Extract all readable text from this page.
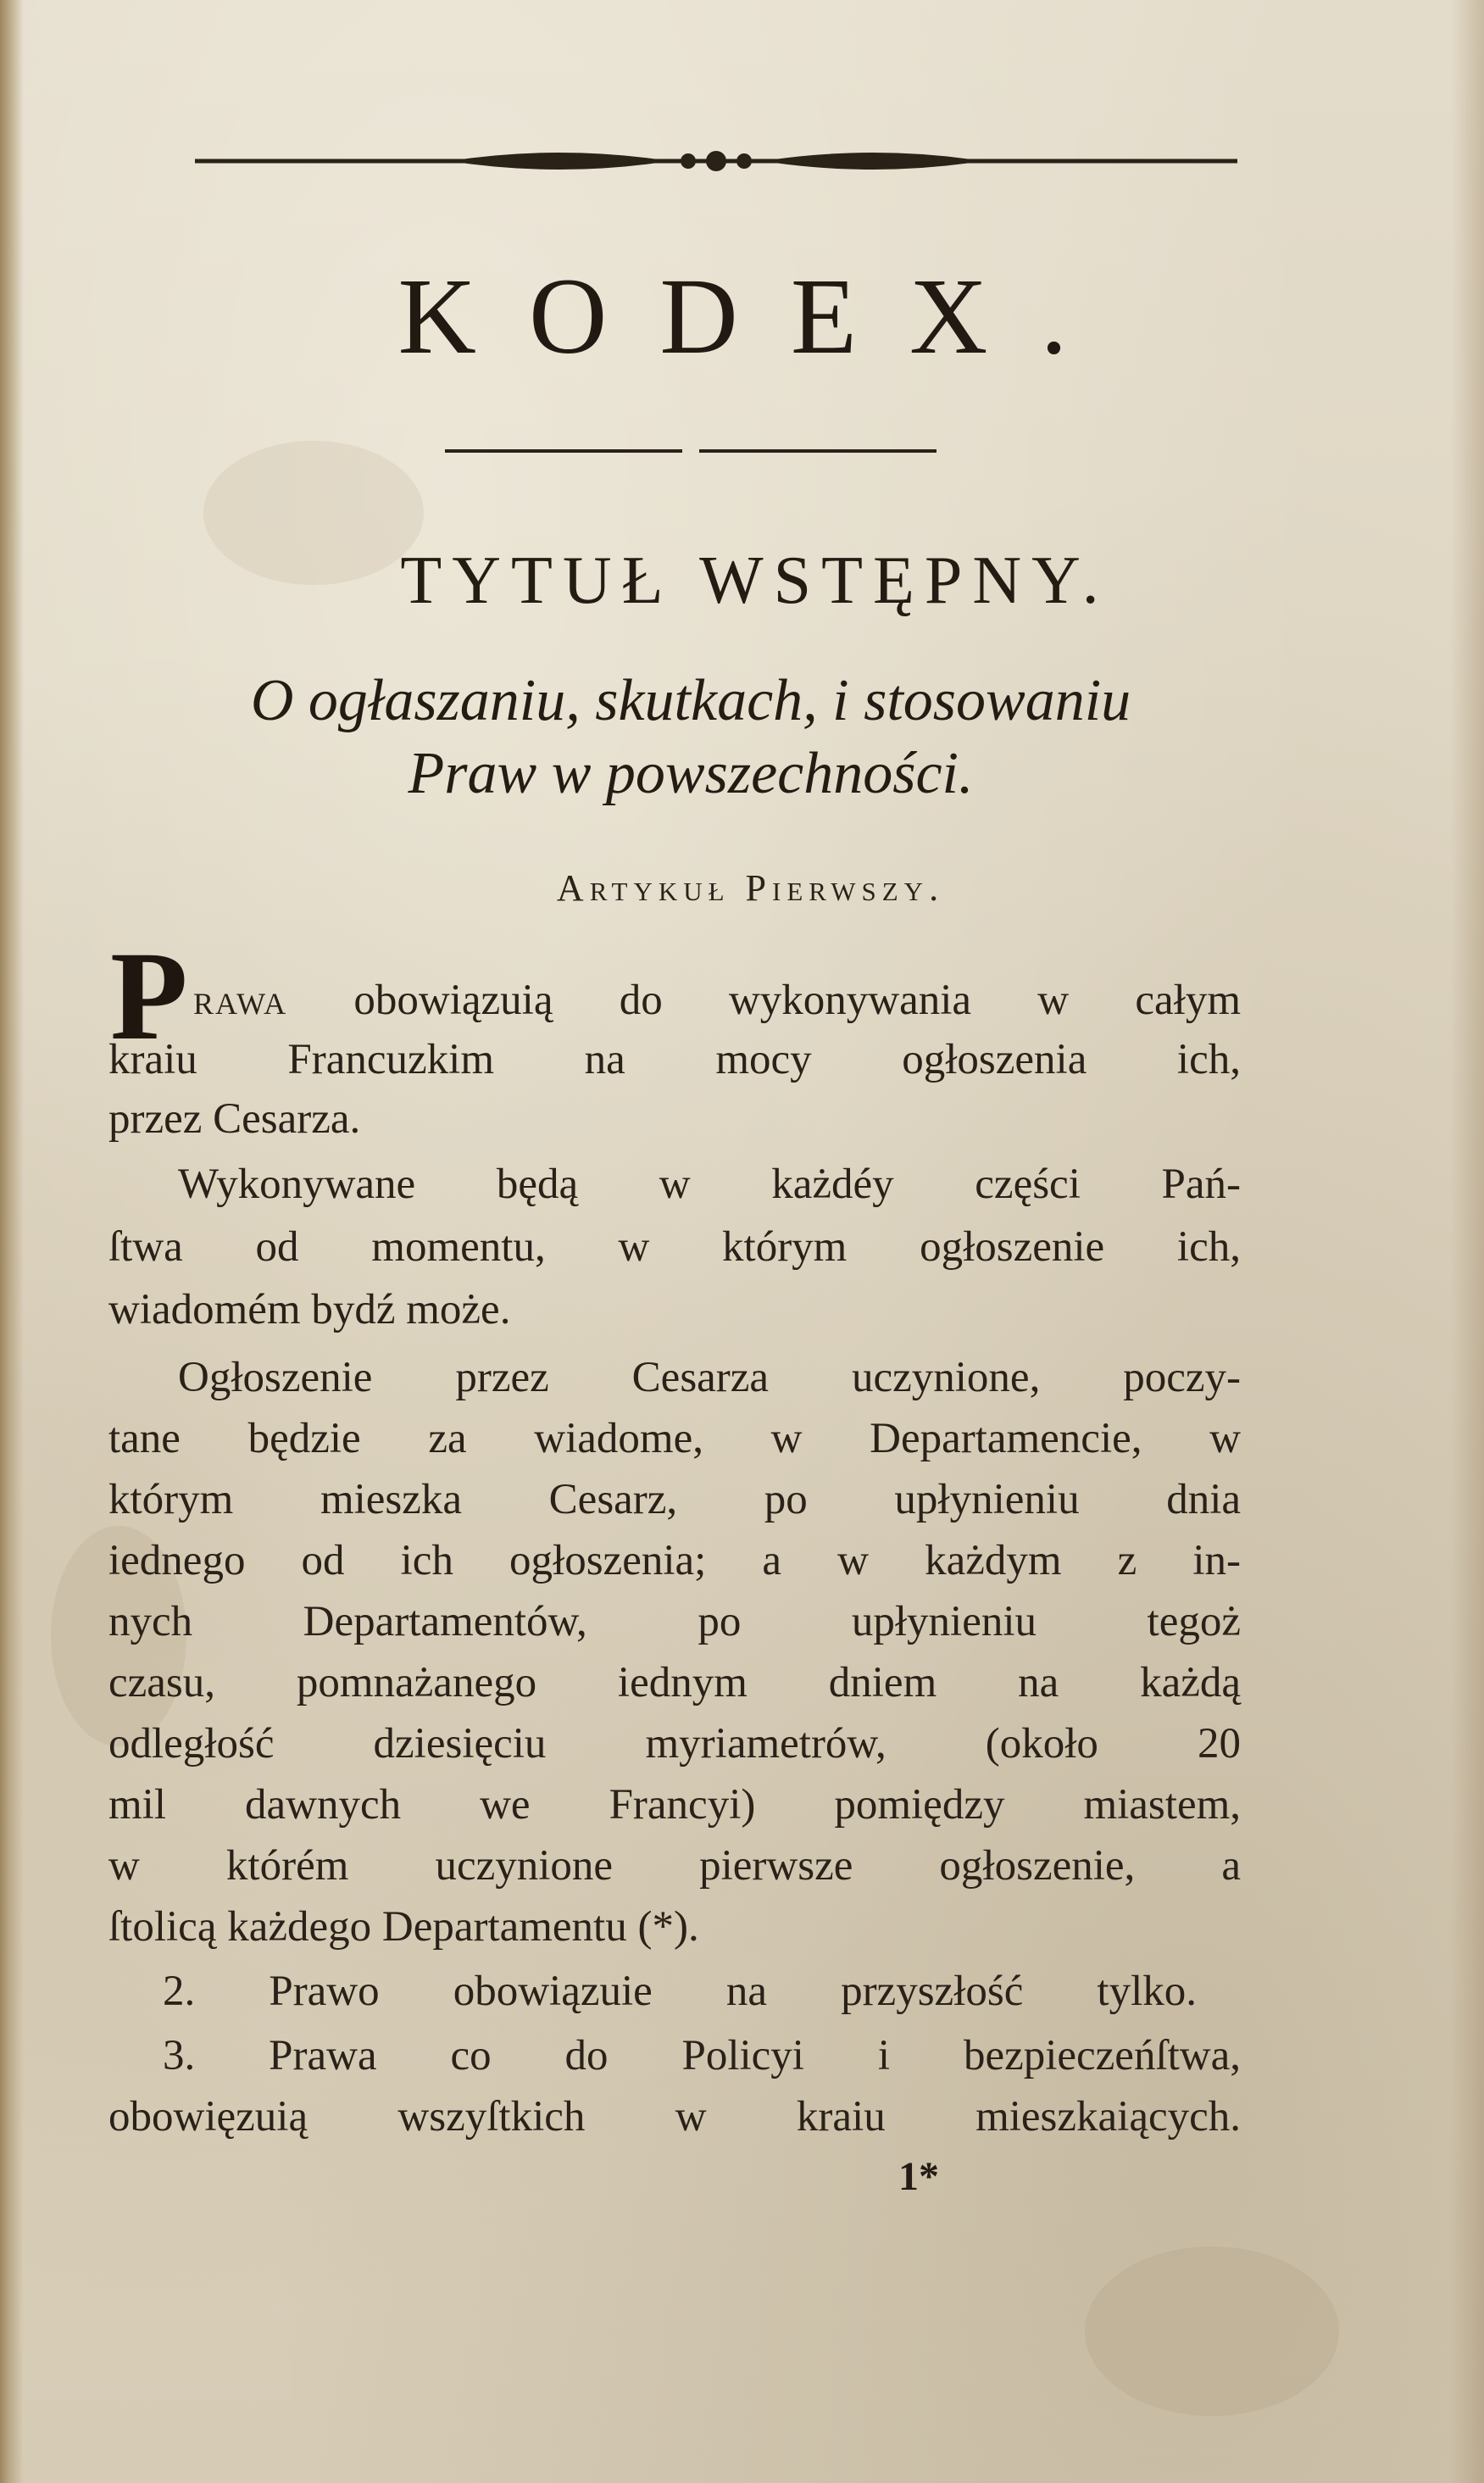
KODEX.
TYTUŁ WSTĘPNY.
O ogłaszaniu, skutkach, i stosowaniu
Praw w powszechności.
Artykuł Pierwszy.
P rawa obowiązuią do wykonywania w całym
kraiu Francuzkim na mocy ogłoszenia ich,
przez Cesarza.
Wykonywane będą w każdéy części Pań-
ſtwa od momentu, w którym ogłoszenie ich,
wiadomém bydź może.
Ogłoszenie przez Cesarza uczynione, poczy-
tane będzie za wiadome, w Departamencie, w
którym mieszka Cesarz, po upłynieniu dnia
iednego od ich ogłoszenia; a w każdym z in-
nych Departamentów, po upłynieniu tegoż
czasu, pomnażanego iednym dniem na każdą
odległość dziesięciu myriametrów, (około 20
mil dawnych we Francyi) pomiędzy miastem,
w którém uczynione pierwsze ogłoszenie, a
ſtolicą każdego Departamentu (*).
2. Prawo obowiązuie na przyszłość tylko.
3. Prawa co do Policyi i bezpieczeńſtwa,
obowięzuią wszyſtkich w kraiu mieszkaiących.
1*
